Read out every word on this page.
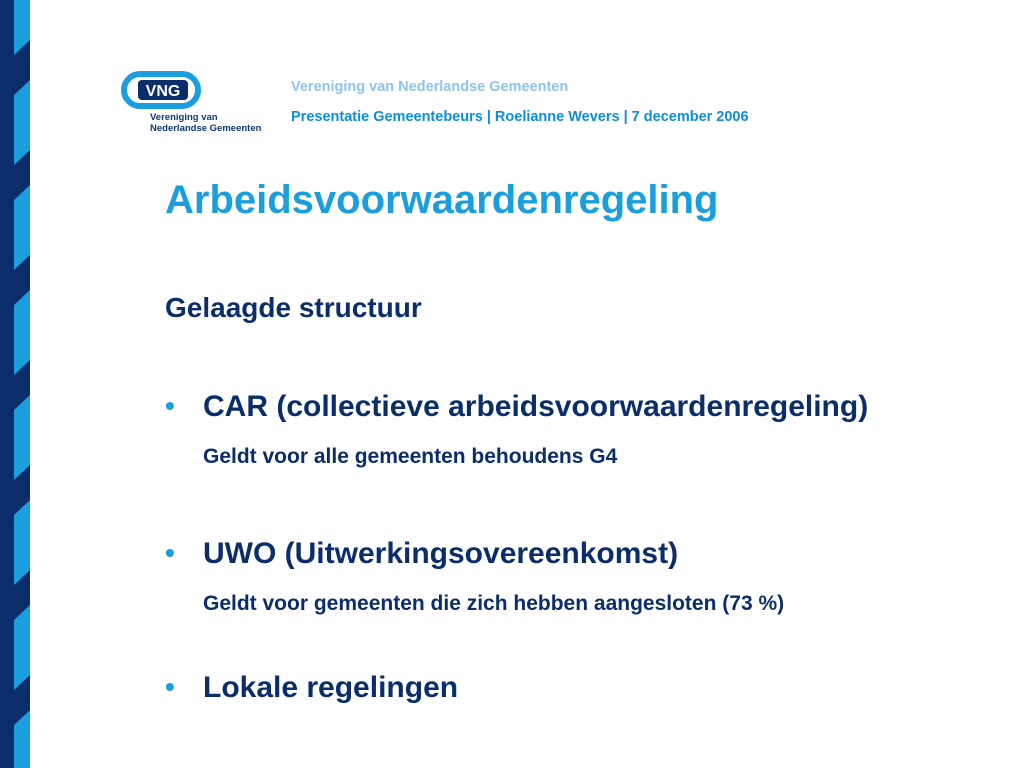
VNG
Vereniging van
Nederlandse Gemeenten
Vereniging van Nederlandse Gemeenten
Presentatie Gemeentebeurs | Roelianne Wevers | 7 december 2006
Arbeidsvoorwaardenregeling
Gelaagde structuur
• CAR (collectieve arbeidsvoorwaardenregeling)
Geldt voor alle gemeenten behoudens G4
• UWO (Uitwerkingsovereenkomst)
Geldt voor gemeenten die zich hebben aangesloten (73 %)
• Lokale regelingen
